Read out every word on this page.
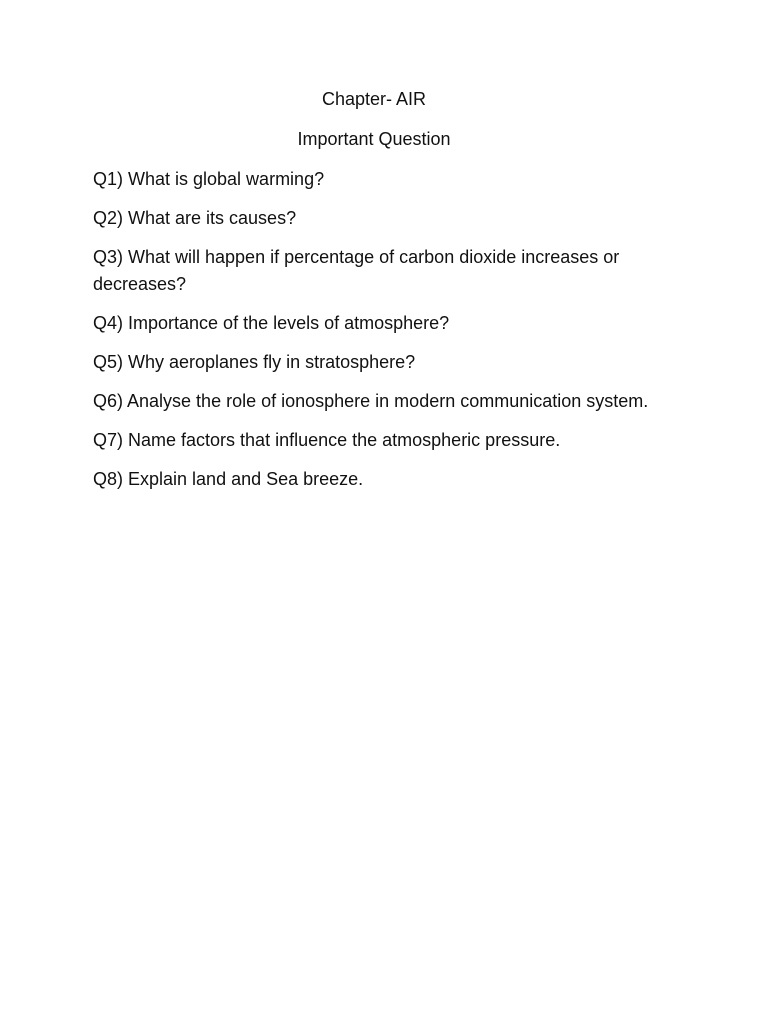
Chapter- AIR

Important Question

Q1) What is global warming?

Q2) What are its causes?

Q3) What will happen if percentage of carbon dioxide increases or decreases?

Q4) Importance of the levels of atmosphere?

Q5) Why aeroplanes fly in stratosphere?

Q6) Analyse the role of ionosphere in modern communication system.

Q7) Name factors that influence the atmospheric pressure.

Q8) Explain land and Sea breeze.
